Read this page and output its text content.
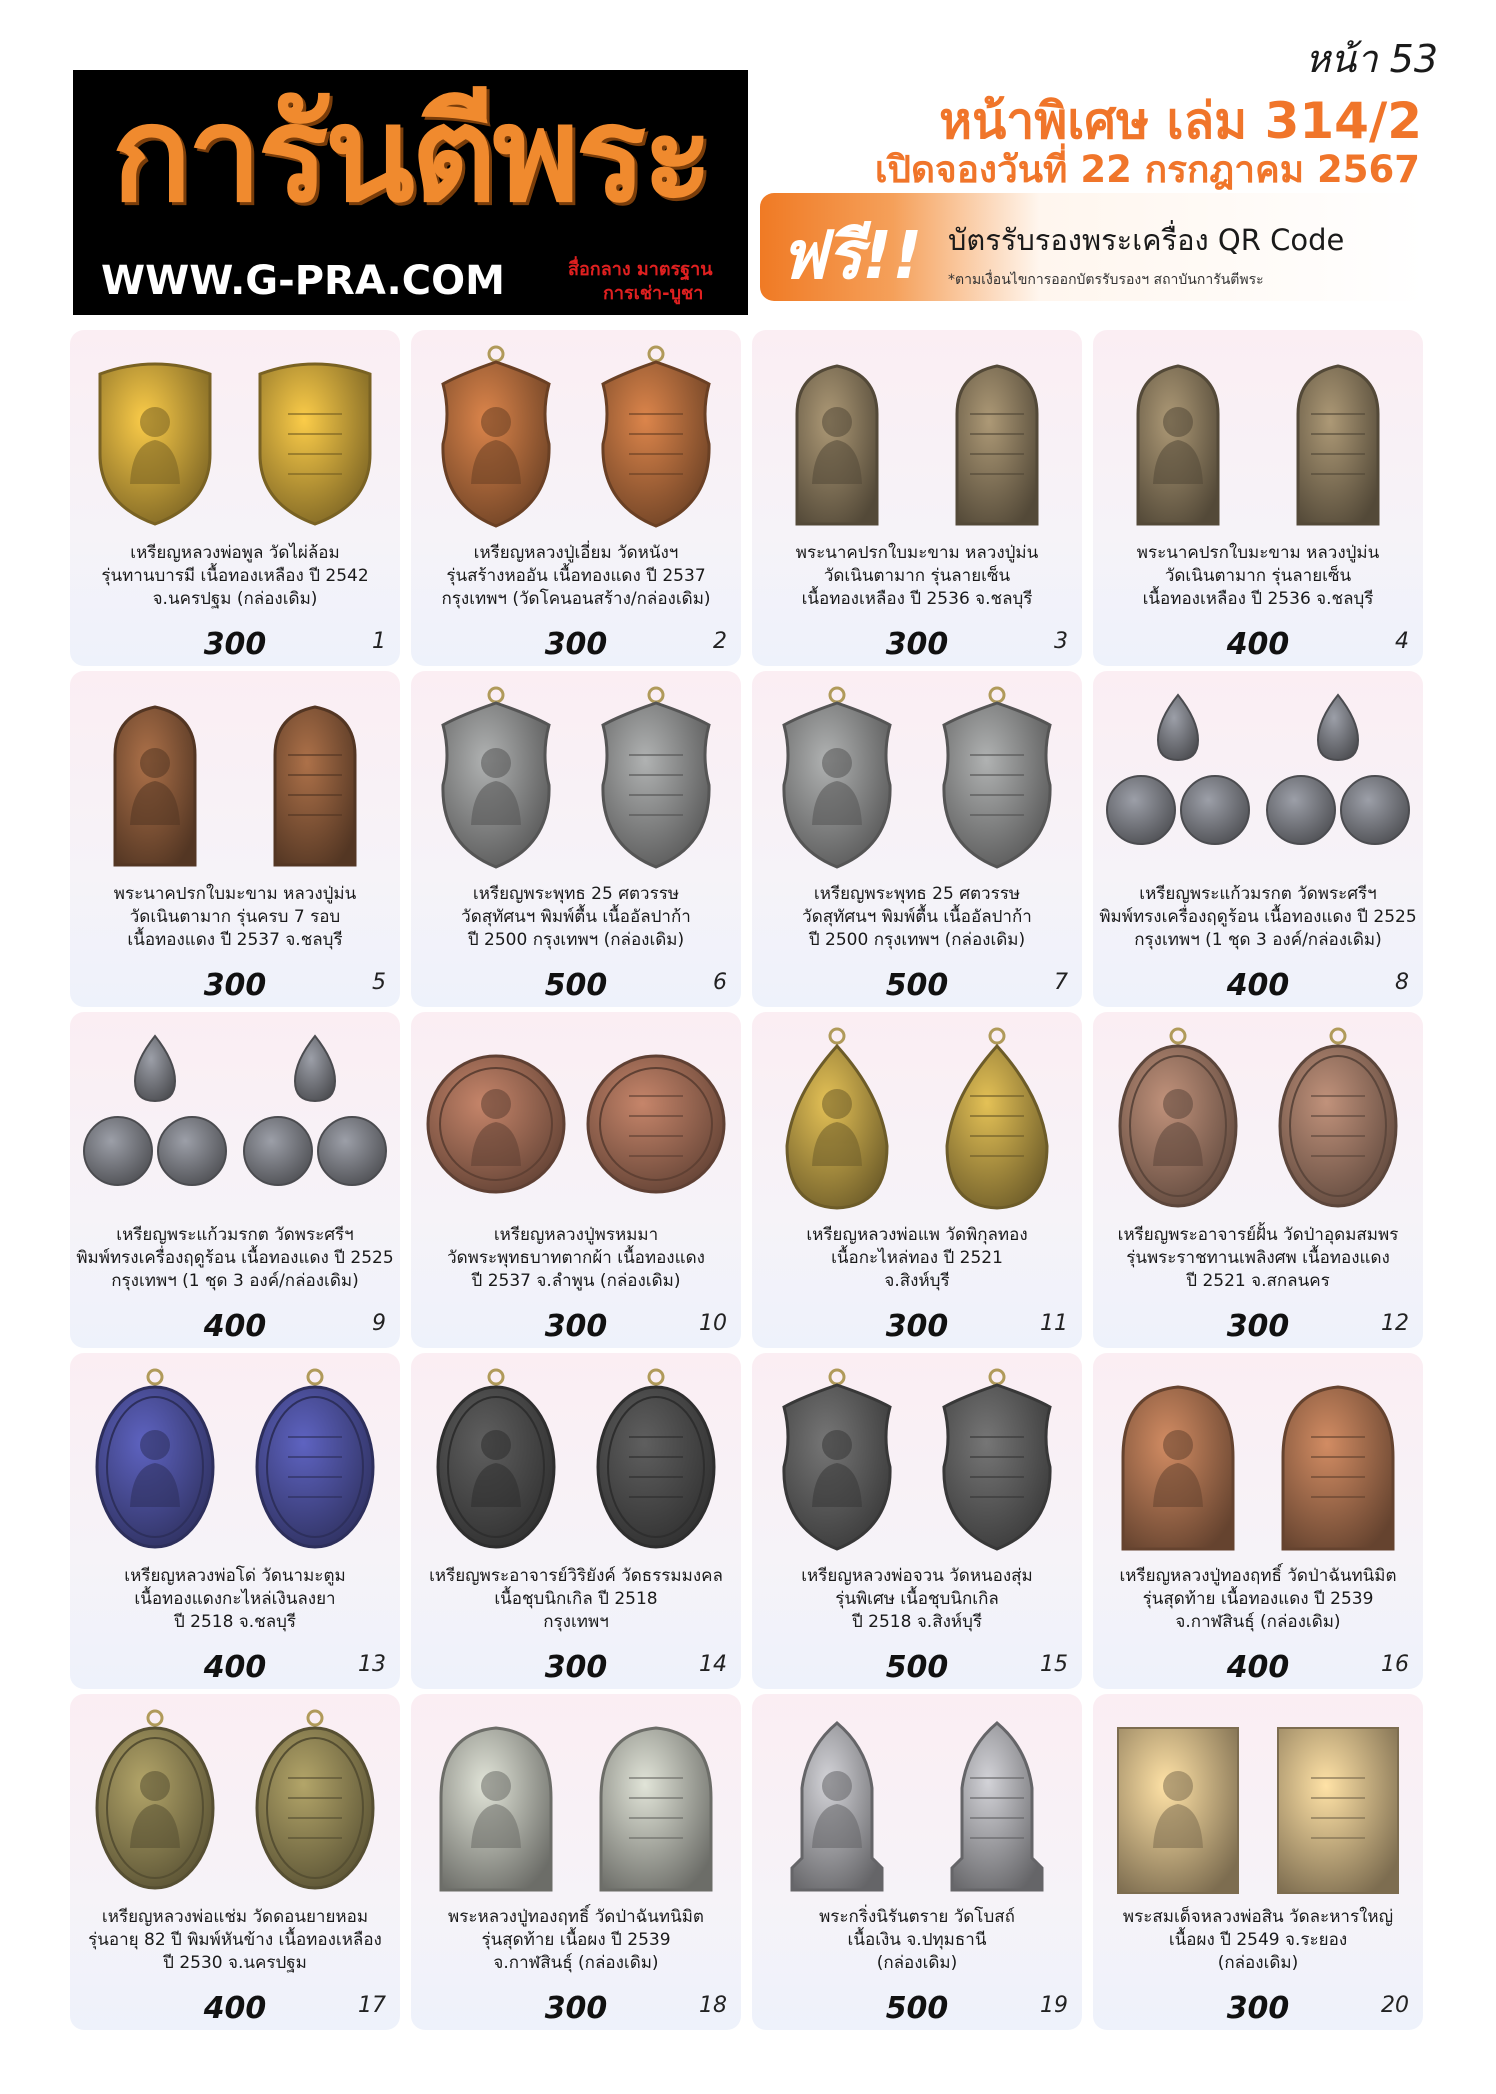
หน้า 53
การันตีพระ
WWW.G-PRA.COM	สื่อกลาง มาตรฐาน
การเช่า-บูชา
หน้าพิเศษ เล่ม 314/2
เปิดจองวันที่ 22 กรกฎาคม 2567
ฟรี!! บัตรรับรองพระเครื่อง QR Code
*ตามเงื่อนไขการออกบัตรรับรองฯ สถาบันการันตีพระ
เหรียญหลวงพ่อพูล วัดไผ่ล้อม
รุ่นทานบารมี เนื้อทองเหลือง ปี 2542
จ.นครปฐม (กล่องเดิม)
300	1
เหรียญหลวงปู่เอี่ยม วัดหนังฯ
รุ่นสร้างหออัน เนื้อทองแดง ปี 2537
กรุงเทพฯ (วัดโคนอนสร้าง/กล่องเดิม)
300	2
พระนาคปรกใบมะขาม หลวงปู่ม่น
วัดเนินตามาก รุ่นลายเซ็น
เนื้อทองเหลือง ปี 2536 จ.ชลบุรี
300	3
พระนาคปรกใบมะขาม หลวงปู่ม่น
วัดเนินตามาก รุ่นลายเซ็น
เนื้อทองเหลือง ปี 2536 จ.ชลบุรี
400	4
พระนาคปรกใบมะขาม หลวงปู่ม่น
วัดเนินตามาก รุ่นครบ 7 รอบ
เนื้อทองแดง ปี 2537 จ.ชลบุรี
300	5
เหรียญพระพุทธ 25 ศตวรรษ
วัดสุทัศนฯ พิมพ์ตื้น เนื้ออัลปาก้า
ปี 2500 กรุงเทพฯ (กล่องเดิม)
500	6
เหรียญพระพุทธ 25 ศตวรรษ
วัดสุทัศนฯ พิมพ์ตื้น เนื้ออัลปาก้า
ปี 2500 กรุงเทพฯ (กล่องเดิม)
500	7
เหรียญพระแก้วมรกต วัดพระศรีฯ
พิมพ์ทรงเครื่องฤดูร้อน เนื้อทองแดง ปี 2525
กรุงเทพฯ (1 ชุด 3 องค์/กล่องเดิม)
400	8
เหรียญพระแก้วมรกต วัดพระศรีฯ
พิมพ์ทรงเครื่องฤดูร้อน เนื้อทองแดง ปี 2525
กรุงเทพฯ (1 ชุด 3 องค์/กล่องเดิม)
400	9
เหรียญหลวงปู่พรหมมา
วัดพระพุทธบาทตากผ้า เนื้อทองแดง
ปี 2537 จ.ลำพูน (กล่องเดิม)
300	10
เหรียญหลวงพ่อแพ วัดพิกุลทอง
เนื้อกะไหล่ทอง ปี 2521
จ.สิงห์บุรี
300	11
เหรียญพระอาจารย์ฝั้น วัดป่าอุดมสมพร
รุ่นพระราชทานเพลิงศพ เนื้อทองแดง
ปี 2521 จ.สกลนคร
300	12
เหรียญหลวงพ่อโด่ วัดนามะตูม
เนื้อทองแดงกะไหล่เงินลงยา
ปี 2518 จ.ชลบุรี
400	13
เหรียญพระอาจารย์วิริยังค์ วัดธรรมมงคล
เนื้อชุบนิกเกิล ปี 2518
กรุงเทพฯ
300	14
เหรียญหลวงพ่อจวน วัดหนองสุ่ม
รุ่นพิเศษ เนื้อชุบนิกเกิล
ปี 2518 จ.สิงห์บุรี
500	15
เหรียญหลวงปู่ทองฤทธิ์ วัดป่าฉันทนิมิต
รุ่นสุดท้าย เนื้อทองแดง ปี 2539
จ.กาฬสินธุ์ (กล่องเดิม)
400	16
เหรียญหลวงพ่อแช่ม วัดดอนยายหอม
รุ่นอายุ 82 ปี พิมพ์หันข้าง เนื้อทองเหลือง
ปี 2530 จ.นครปฐม
400	17
พระหลวงปู่ทองฤทธิ์ วัดป่าฉันทนิมิต
รุ่นสุดท้าย เนื้อผง ปี 2539
จ.กาฬสินธุ์ (กล่องเดิม)
300	18
พระกริ่งนิรันตราย วัดโบสถ์
เนื้อเงิน จ.ปทุมธานี
(กล่องเดิม)
500	19
พระสมเด็จหลวงพ่อสิน วัดละหารใหญ่
เนื้อผง ปี 2549 จ.ระยอง
(กล่องเดิม)
300	20
